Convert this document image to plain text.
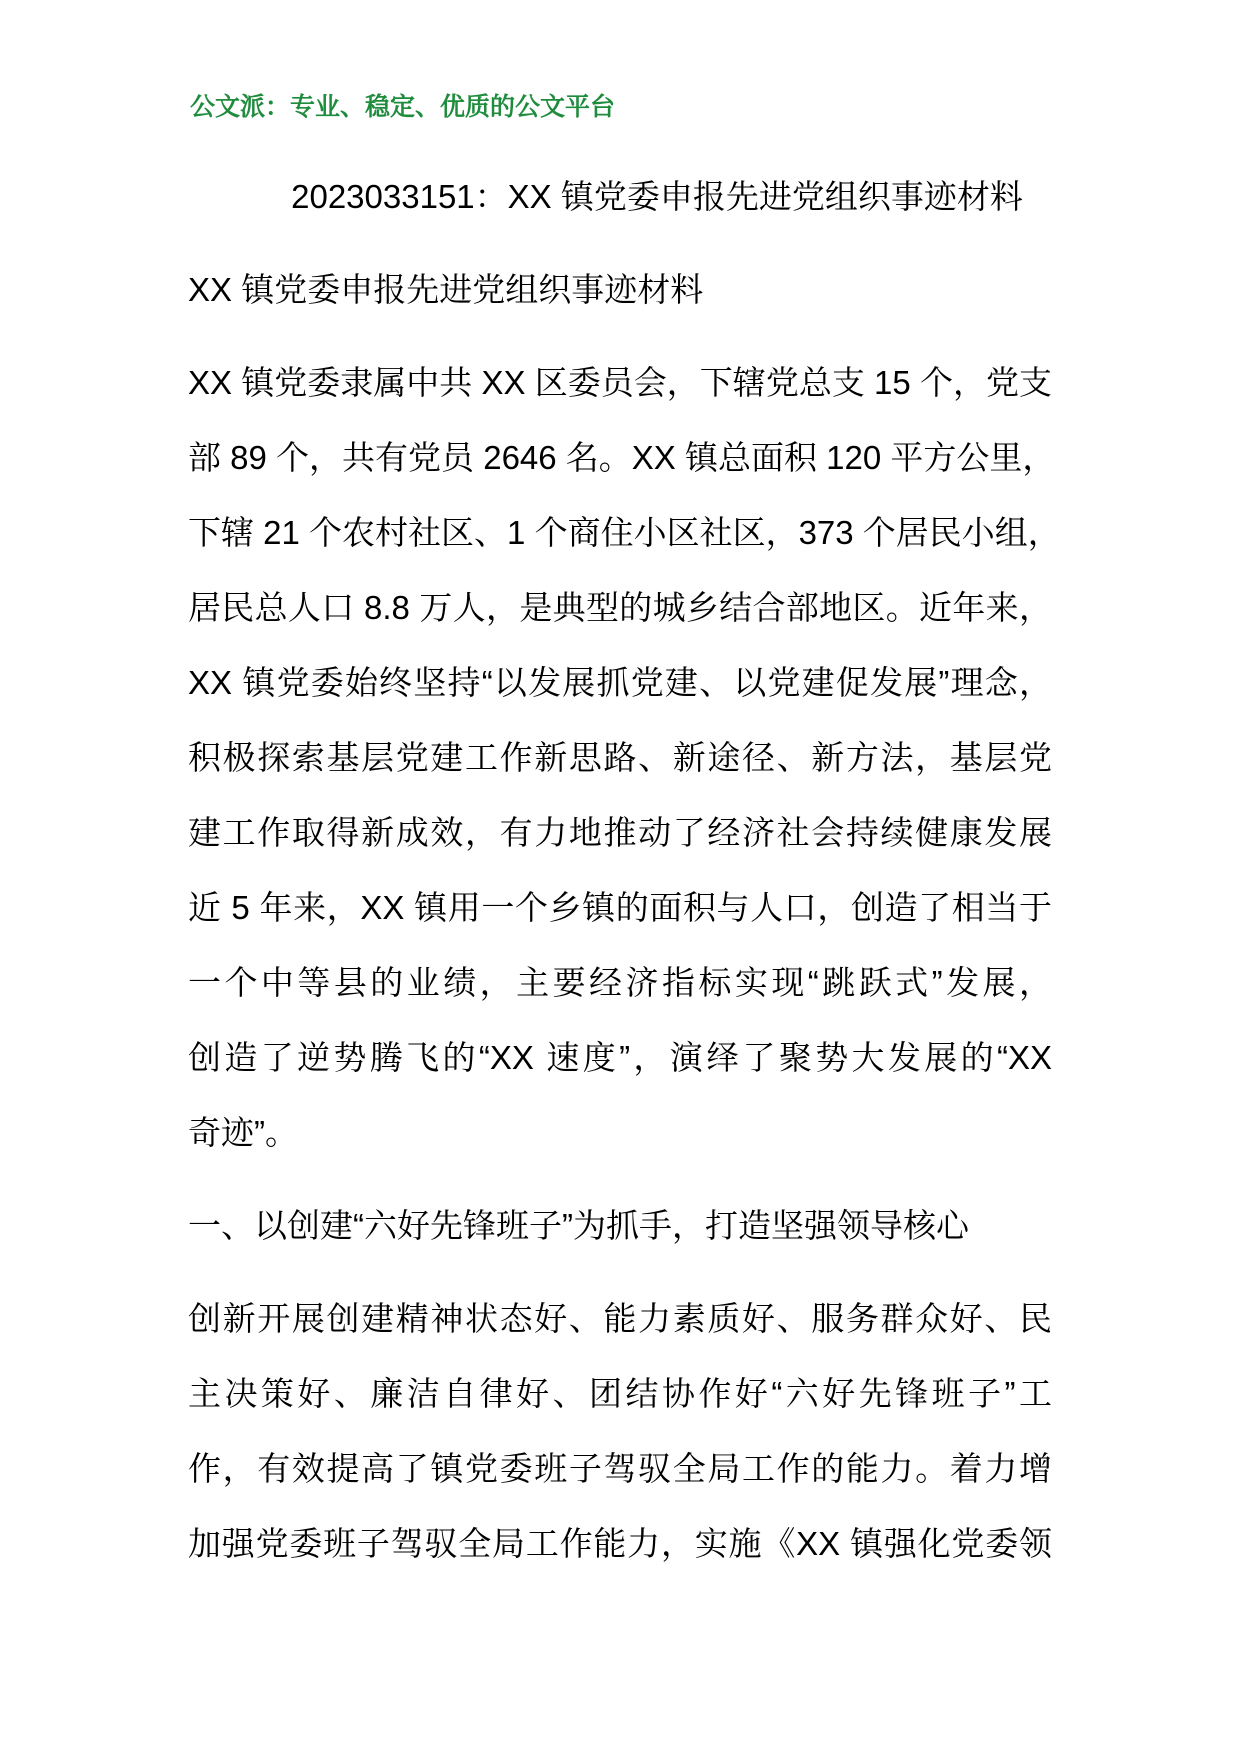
公文派：专业、稳定、优质的公文平台
2023033151：XX 镇党委申报先进党组织事迹材料
XX 镇党委申报先进党组织事迹材料
XX 镇党委隶属中共 XX 区委员会，下辖党总支 15 个，党支
部 89 个，共有党员 2646 名。XX 镇总面积 120 平方公里，
下辖 21 个农村社区、1 个商住小区社区，373 个居民小组，
居民总人口 8.8 万人，是典型的城乡结合部地区。近年来，
XX 镇党委始终坚持“以发展抓党建、以党建促发展”理念，
积极探索基层党建工作新思路、新途径、新方法，基层党
建工作取得新成效，有力地推动了经济社会持续健康发展
近 5 年来，XX 镇用一个乡镇的面积与人口，创造了相当于
一个中等县的业绩，主要经济指标实现“跳跃式”发展，
创造了逆势腾飞的“XX 速度”，演绎了聚势大发展的“XX
奇迹”。
一、以创建“六好先锋班子”为抓手，打造坚强领导核心
创新开展创建精神状态好、能力素质好、服务群众好、民
主决策好、廉洁自律好、团结协作好“六好先锋班子”工
作，有效提高了镇党委班子驾驭全局工作的能力。着力增
加强党委班子驾驭全局工作能力，实施《XX 镇强化党委领
